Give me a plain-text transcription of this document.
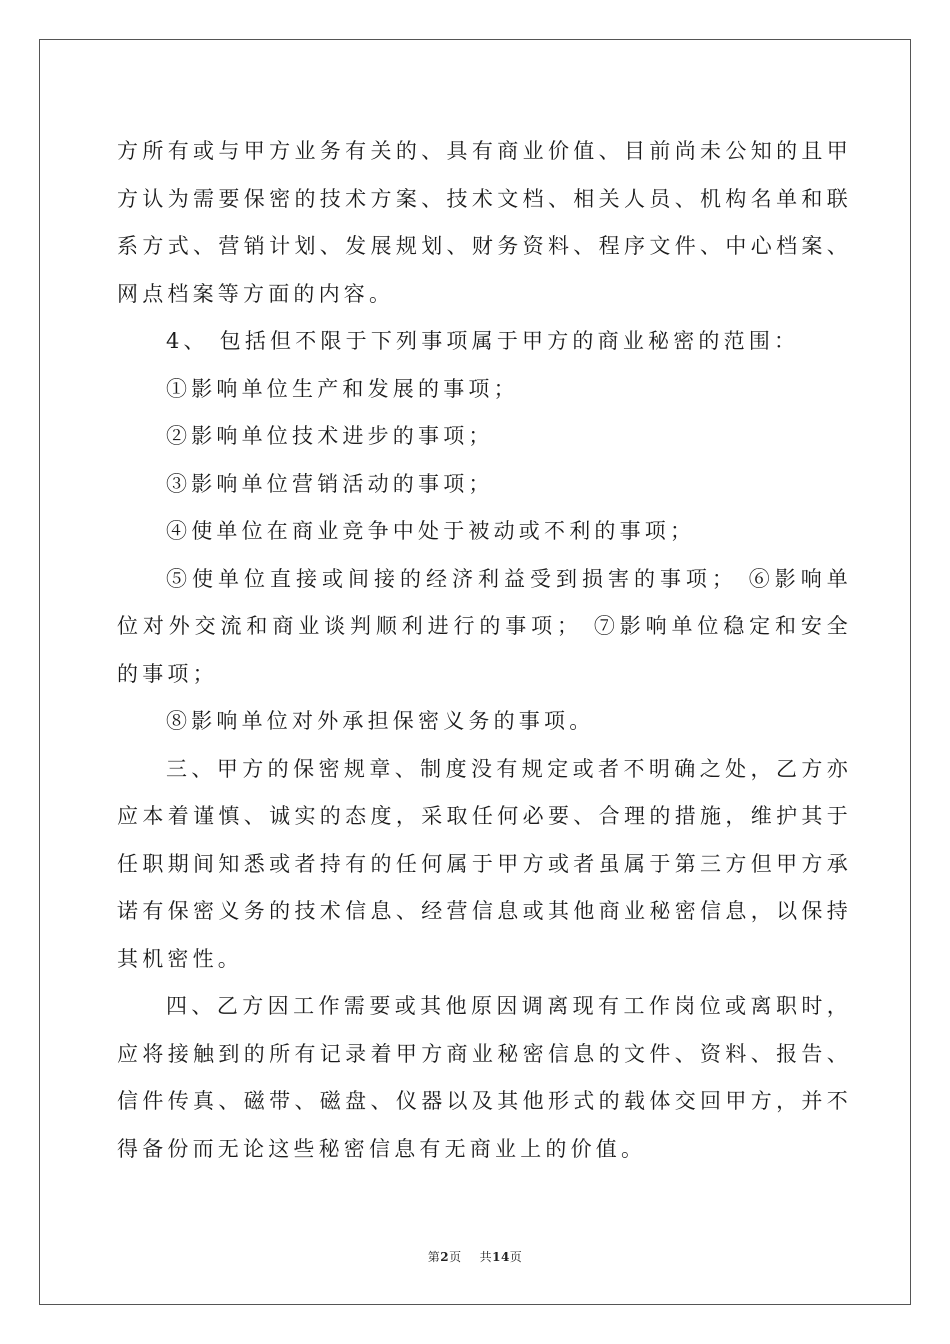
方所有或与甲方业务有关的、具有商业价值、目前尚未公知的且甲方认为需要保密的技术方案、技术文档、相关人员、机构名单和联系方式、营销计划、发展规划、财务资料、程序文件、中心档案、网点档案等方面的内容。

4、 包括但不限于下列事项属于甲方的商业秘密的范围：

①影响单位生产和发展的事项；

②影响单位技术进步的事项；

③影响单位营销活动的事项；

④使单位在商业竞争中处于被动或不利的事项；

⑤使单位直接或间接的经济利益受到损害的事项； ⑥影响单位对外交流和商业谈判顺利进行的事项； ⑦影响单位稳定和安全的事项；

⑧影响单位对外承担保密义务的事项。

三、甲方的保密规章、制度没有规定或者不明确之处，乙方亦应本着谨慎、诚实的态度，采取任何必要、合理的措施，维护其于任职期间知悉或者持有的任何属于甲方或者虽属于第三方但甲方承诺有保密义务的技术信息、经营信息或其他商业秘密信息，以保持其机密性。

四、乙方因工作需要或其他原因调离现有工作岗位或离职时，应将接触到的所有记录着甲方商业秘密信息的文件、资料、报告、信件传真、磁带、磁盘、仪器以及其他形式的载体交回甲方，并不得备份而无论这些秘密信息有无商业上的价值。

第2页 共14页
